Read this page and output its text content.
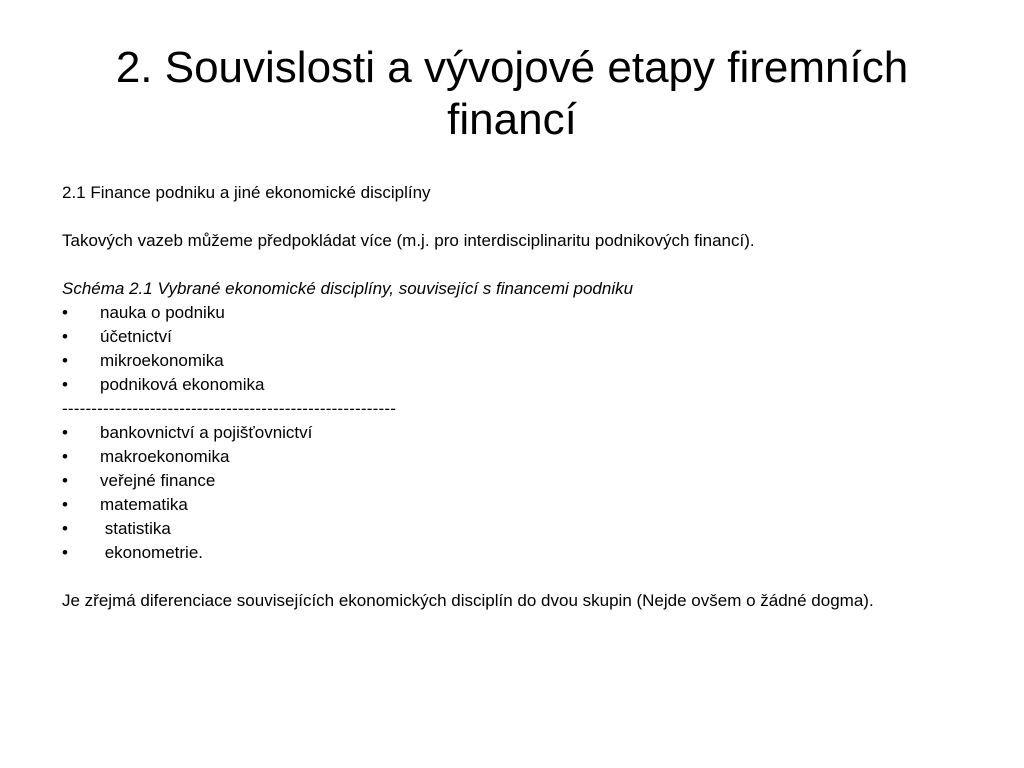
2. Souvislosti a vývojové etapy firemních financí
2.1 Finance podniku a jiné ekonomické disciplíny
Takových vazeb můžeme předpokládat více (m.j. pro interdisciplinaritu podnikových financí).
Schéma 2.1 Vybrané ekonomické disciplíny, související s financemi podniku
•	nauka o podniku
•	účetnictví
•	mikroekonomika
•	podniková ekonomika
---------------------------------------------------------
•	bankovnictví a pojišťovnictví
•	makroekonomika
•	veřejné finance
•	matematika
•	statistika
•	ekonometrie.
Je zřejmá diferenciace souvisejících ekonomických disciplín do dvou skupin (Nejde ovšem o žádné dogma).
